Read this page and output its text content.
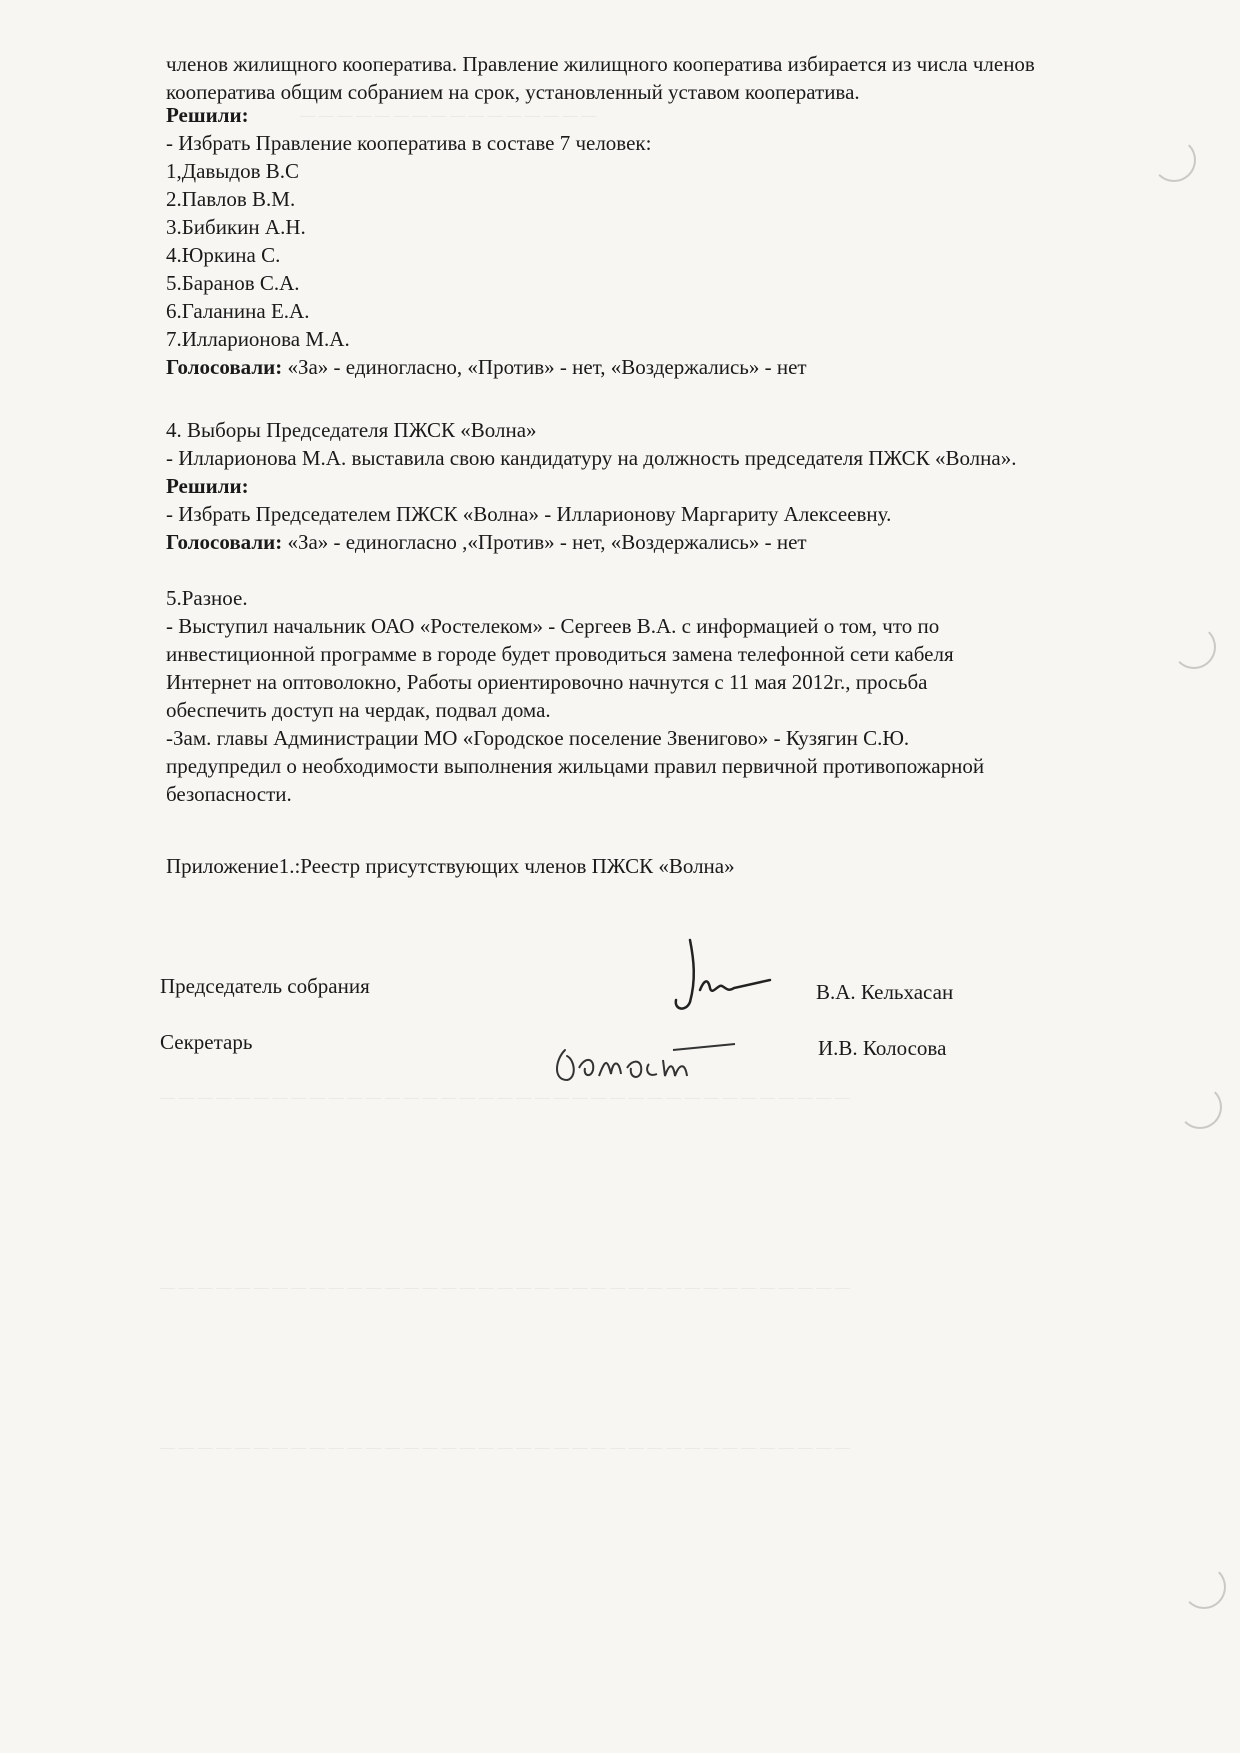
— — — — — — — — — — — — — — — —
— — — — — — — — — — — — — — — — — — — — — — — — — — — — — — — — — — — — —
— — — — — — — — — — — — — — — — — — — — — — — — — — — — — — — — — — — — —
— — — — — — — — — — — — — — — — — — — — — — — — — — — — — — — — — — — — —
членов жилищного кооператива. Правление жилищного кооператива избирается из числа членов
кооператива общим собранием на срок, установленный уставом кооператива.
Решили:
- Избрать Правление кооператива в составе 7 человек:
1,Давыдов В.С
2.Павлов В.М.
3.Бибикин А.Н.
4.Юркина С.
5.Баранов С.А.
6.Галанина Е.А.
7.Илларионова М.А.
Голосовали: «За» - единогласно, «Против» - нет, «Воздержались» - нет
4. Выборы Председателя ПЖСК «Волна»
- Илларионова М.А. выставила свою кандидатуру на должность председателя ПЖСК «Волна».
Решили:
- Избрать Председателем ПЖСК «Волна» - Илларионову Маргариту Алексеевну.
Голосовали: «За» - единогласно ,«Против» - нет, «Воздержались» - нет
5.Разное.
- Выступил начальник ОАО «Ростелеком» - Сергеев В.А. с информацией о том, что по
инвестиционной программе в городе будет проводиться замена телефонной сети кабеля
Интернет на оптоволокно, Работы ориентировочно начнутся с 11 мая 2012г., просьба
обеспечить доступ на чердак, подвал дома.
-Зам. главы Администрации МО «Городское поселение Звенигово» - Кузягин С.Ю.
предупредил о необходимости выполнения жильцами правил первичной противопожарной
безопасности.
Приложение1.:Реестр присутствующих членов ПЖСК «Волна»
Председатель собрания	В.А. Кельхасан
Секретарь	И.В. Колосова
